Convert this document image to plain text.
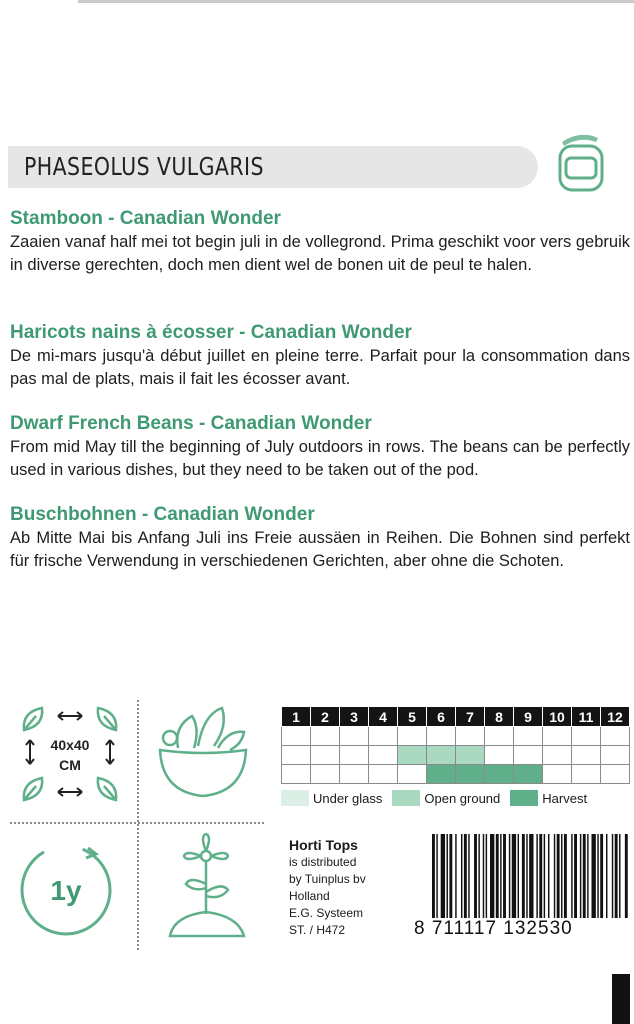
PHASEOLUS VULGARIS
Stamboon - Canadian Wonder

Zaaien vanaf half mei tot begin juli in de vollegrond. Prima geschikt voor vers gebruik in diverse gerechten, doch men dient wel de bonen uit de peul te halen.

Haricots nains à écosser - Canadian Wonder

De mi-mars jusqu'à début juillet en pleine terre. Parfait pour la consommation dans pas mal de plats, mais il fait les écosser avant.

Dwarf French Beans - Canadian Wonder

From mid May till the beginning of July outdoors in rows. The beans can be perfectly used in various dishes, but they need to be taken out of the pod.

Buschbohnen - Canadian Wonder

Ab Mitte Mai bis Anfang Juli ins Freie aussäen in Reihen. Die Bohnen sind perfekt für frische Verwendung in verschiedenen Gerichten, aber ohne die Schoten.

40x40
CM
1y
1	2	3	4	5	6	7	8	9	10	11	12

Under glass	Open ground	Harvest
Horti Tops
is distributed
by Tuinplus bv
Holland
E.G. Systeem
ST. / H472	8 711117 132530
